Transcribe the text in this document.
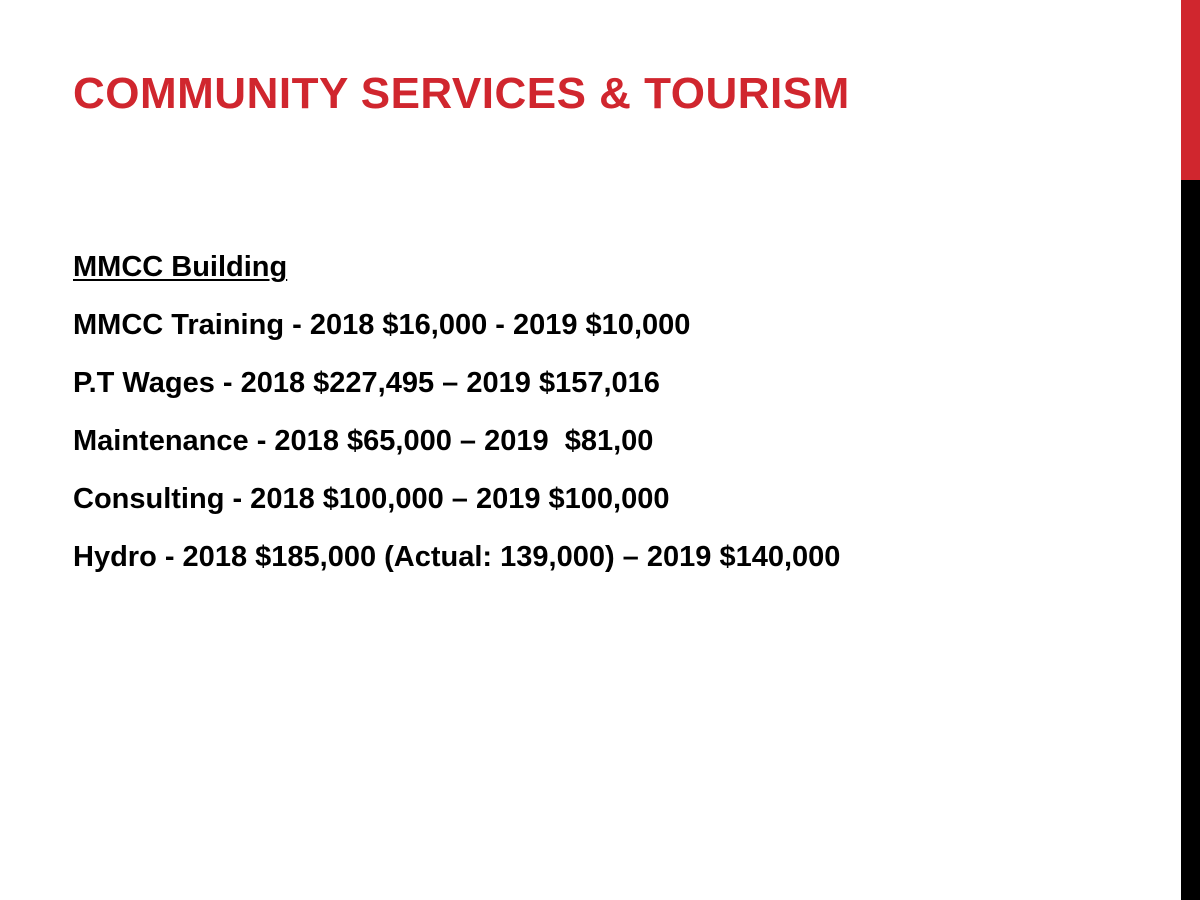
COMMUNITY SERVICES & TOURISM
MMCC Building
MMCC Training - 2018 $16,000 - 2019 $10,000
P.T Wages - 2018 $227,495 – 2019 $157,016
Maintenance - 2018 $65,000 – 2019  $81,00
Consulting - 2018 $100,000 – 2019 $100,000
Hydro - 2018 $185,000 (Actual: 139,000) – 2019 $140,000
